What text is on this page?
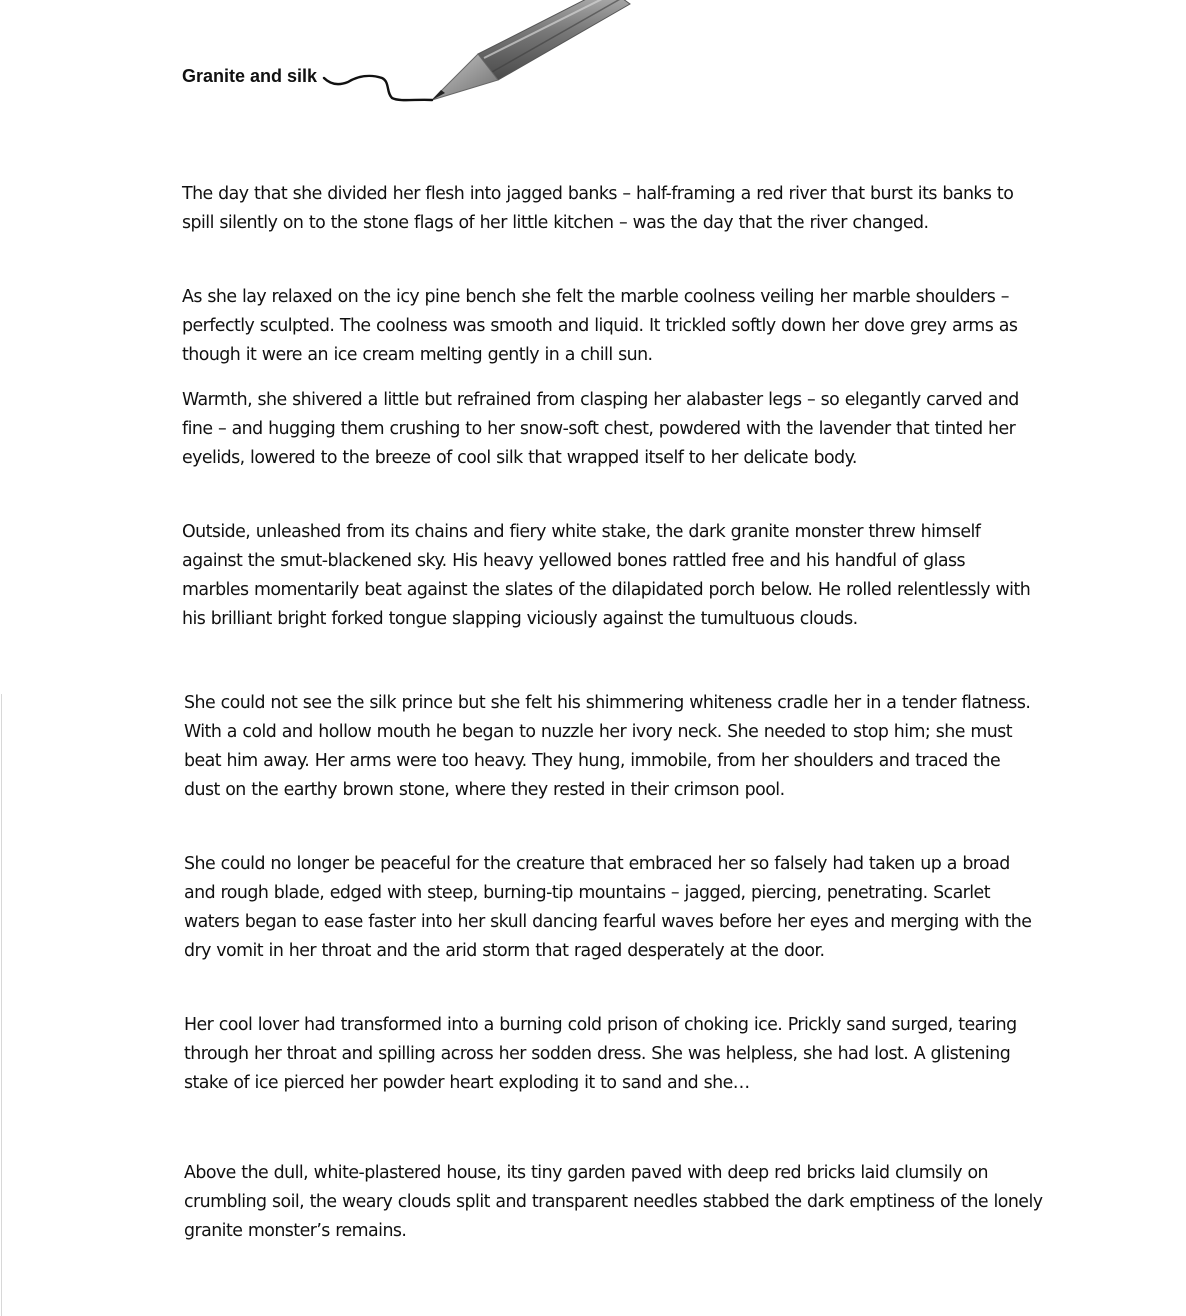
Granite and silk

The day that she divided her flesh into jagged banks – half-framing a red river that burst its banks to spill silently on to the stone flags of her little kitchen – was the day that the river changed.

As she lay relaxed on the icy pine bench she felt the marble coolness veiling her marble shoulders – perfectly sculpted. The coolness was smooth and liquid. It trickled softly down her dove grey arms as though it were an ice cream melting gently in a chill sun.

Warmth, she shivered a little but refrained from clasping her alabaster legs – so elegantly carved and fine – and hugging them crushing to her snow-soft chest, powdered with the lavender that tinted her eyelids, lowered to the breeze of cool silk that wrapped itself to her delicate body.

Outside, unleashed from its chains and fiery white stake, the dark granite monster threw himself against the smut-blackened sky. His heavy yellowed bones rattled free and his handful of glass marbles momentarily beat against the slates of the dilapidated porch below. He rolled relentlessly with his brilliant bright forked tongue slapping viciously against the tumultuous clouds.

She could not see the silk prince but she felt his shimmering whiteness cradle her in a tender flatness. With a cold and hollow mouth he began to nuzzle her ivory neck. She needed to stop him; she must beat him away. Her arms were too heavy. They hung, immobile, from her shoulders and traced the dust on the earthy brown stone, where they rested in their crimson pool.

She could no longer be peaceful for the creature that embraced her so falsely had taken up a broad and rough blade, edged with steep, burning-tip mountains – jagged, piercing, penetrating. Scarlet waters began to ease faster into her skull dancing fearful waves before her eyes and merging with the dry vomit in her throat and the arid storm that raged desperately at the door.

Her cool lover had transformed into a burning cold prison of choking ice. Prickly sand surged, tearing through her throat and spilling across her sodden dress. She was helpless, she had lost. A glistening stake of ice pierced her powder heart exploding it to sand and she…

Above the dull, white-plastered house, its tiny garden paved with deep red bricks laid clumsily on crumbling soil, the weary clouds split and transparent needles stabbed the dark emptiness of the lonely granite monster’s remains.
